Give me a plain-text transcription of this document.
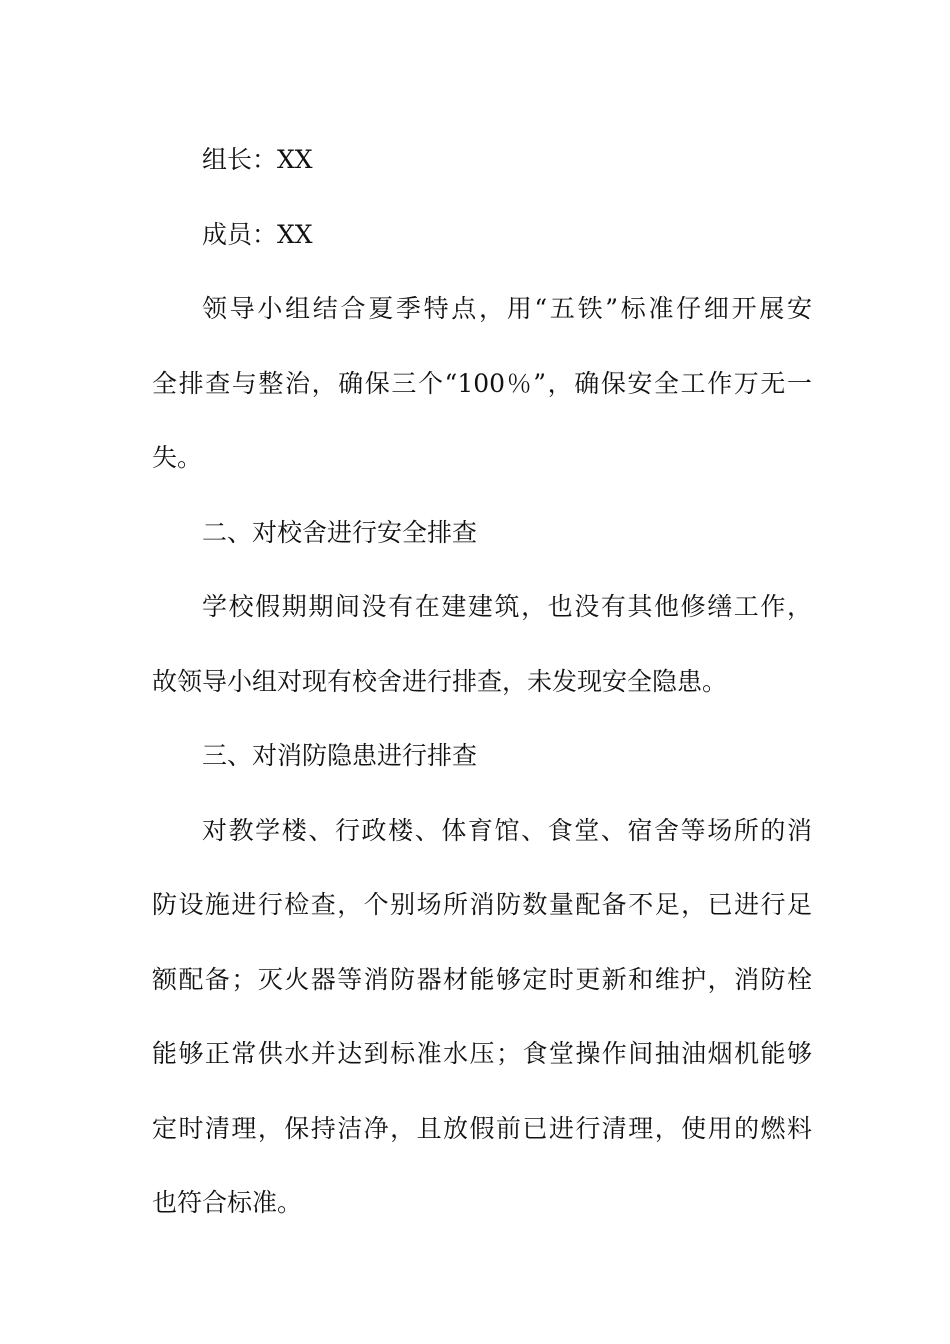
组长：XX
成员：XX
领导小组结合夏季特点，用“五铁”标准仔细开展安
全排查与整治，确保三个“100％”，确保安全工作万无一
失。
二、对校舍进行安全排查
学校假期期间没有在建建筑，也没有其他修缮工作，
故领导小组对现有校舍进行排查，未发现安全隐患。
三、对消防隐患进行排查
对教学楼、行政楼、体育馆、食堂、宿舍等场所的消
防设施进行检查，个别场所消防数量配备不足，已进行足
额配备；灭火器等消防器材能够定时更新和维护，消防栓
能够正常供水并达到标准水压；食堂操作间抽油烟机能够
定时清理，保持洁净，且放假前已进行清理，使用的燃料
也符合标准。
